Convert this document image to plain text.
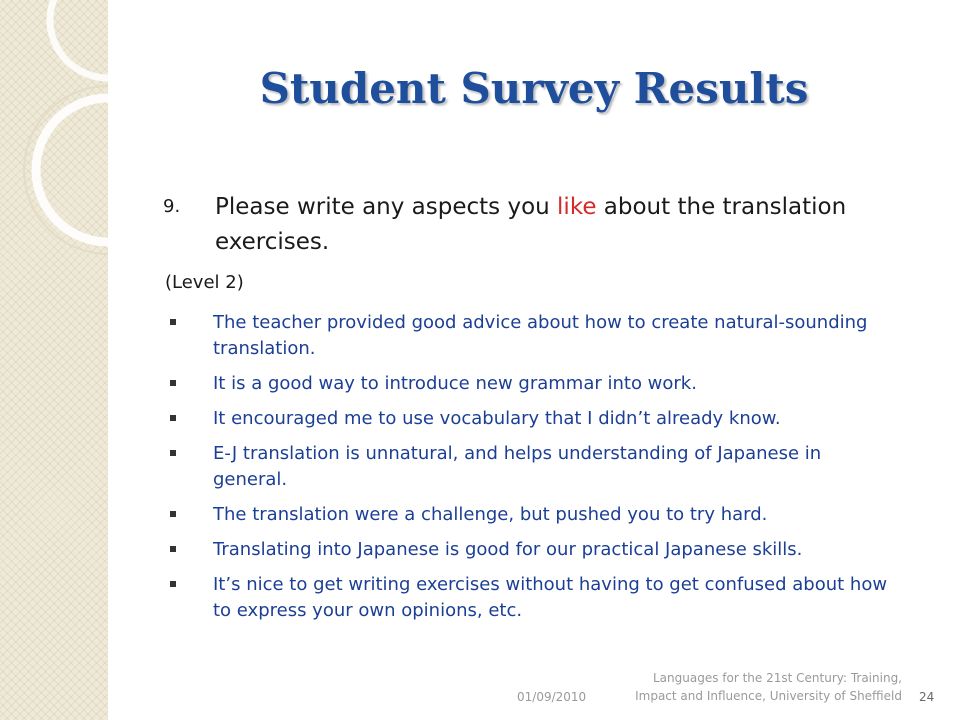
Student Survey Results
9. Please write any aspects you like about the translation exercises.
(Level 2)
The teacher provided good advice about how to create natural-sounding translation.
It is a good way to introduce new grammar into work.
It encouraged me to use vocabulary that I didn’t already know.
E-J translation is unnatural, and helps understanding of Japanese in general.
The translation were a challenge, but pushed you to try hard.
Translating into Japanese is good for our practical Japanese skills.
It’s nice to get writing exercises without having to get confused about how to express your own opinions, etc.
01/09/2010
Languages for the 21st Century: Training, Impact and Influence, University of Sheffield 24
